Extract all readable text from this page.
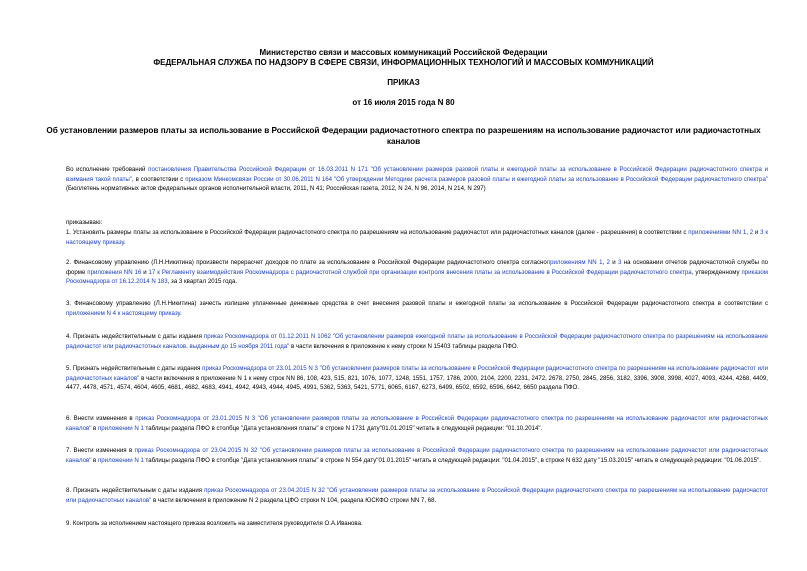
Министерство связи и массовых коммуникаций Российской Федерации
ФЕДЕРАЛЬНАЯ СЛУЖБА ПО НАДЗОРУ В СФЕРЕ СВЯЗИ, ИНФОРМАЦИОННЫХ ТЕХНОЛОГИЙ И МАССОВЫХ КОММУНИКАЦИЙ
ПРИКАЗ
от 16 июля 2015 года N 80
Об установлении размеров платы за использование в Российской Федерации радиочастотного спектра по разрешениям на использование радиочастот или радиочастотных каналов
Во исполнение требований постановления Правительства Российской Федерации от 16.03.2011 N 171 "Об установлении размеров разовой платы и ежегодной платы за использование в Российской Федерации радиочастотного спектра и взимания такой платы", в соответствии с приказом Минкомсвязи России от 30.06.2011 N 164 "Об утверждении Методики расчета размеров разовой платы и ежегодной платы за использование в Российской Федерации радиочастотного спектра" (Бюллетень нормативных актов федеральных органов исполнительной власти, 2011, N 41; Российская газета, 2012, N 24, N 96, 2014, N 214, N 297)
приказываю:
1. Установить размеры платы за использование в Российской Федерации радиочастотного спектра по разрешениям на использование радиочастот или радиочастотных каналов (далее - разрешения) в соответствии с приложениями NN 1, 2 и 3 к настоящему приказу.
2. Финансовому управлению (Л.Н.Никитина) произвести перерасчет доходов по плате за использование в Российской Федерации радиочастотного спектра согласноприложениям NN 1, 2 и 3 на основании отчетов радиочастотной службы по форме приложения NN 16 и 17 к Регламенту взаимодействия Роскомнадзора с радиочастотной службой при организации контроля внесения платы за использование в Российской Федерации радиочастотного спектра, утвержденному приказом Роскомнадзора от 16.12.2014 N 183, за 3 квартал 2015 года.
3. Финансовому управлению (Л.Н.Никитина) зачесть излишне уплаченные денежные средства в счет внесения разовой платы и ежегодной платы за использование в Российской Федерации радиочастотного спектра в соответствии с приложением N 4 к настоящему приказу.
4. Признать недействительным с даты издания приказ Роскомнадзора от 01.12.2011 N 1062 "Об установлении размеров ежегодной платы за использование в Российской Федерации радиочастотного спектра по разрешениям на использование радиочастот или радиочастотных каналов, выданным до 15 ноября 2011 года" в части включения в приложение к нему строки N 15403 таблицы раздела ПФО.
5. Признать недействительным с даты издания приказ Роскомнадзора от 23.01.2015 N 3 "Об установлении размеров платы за использование в Российской Федерации радиочастотного спектра по разрешениям на использование радиочастот или радиочастотных каналов" в части включения в приложение N 1 к нему строк NN 86, 108, 423, 515, 821, 1076, 1077, 1248, 1551, 1757, 1786, 2000, 2104, 2200, 2231, 2472, 2678, 2750, 2845, 2856, 3182, 3396, 3908, 3998, 4027, 4093, 4244, 4268, 4409, 4477, 4478, 4571, 4574, 4604, 4605, 4681, 4682, 4683, 4941, 4942, 4943, 4944, 4945, 4991, 5362, 5363, 5421, 5771, 6065, 6167, 6273, 6499, 6502, 6592, 6596, 6642, 6650 раздела ПФО.
6. Внести изменения в приказ Роскомнадзора от 23.01.2015 N 3 "Об установлении размеров платы за использование в Российской Федерации радиочастотного спектра по разрешениям на использование радиочастот или радиочастотных каналов" в приложении N 1 таблицы раздела ПФО в столбце "Дата установления платы" в строке N 1731 дату"01.01.2015" читать в следующей редакции: "01.10.2014".
7. Внести изменения в приказ Роскомнадзора от 23.04.2015 N 32 "Об установлении размеров платы за использование в Российской Федерации радиочастотного спектра по разрешениям на использование радиочастот или радиочастотных каналов" в приложении N 1 таблицы раздела ПФО в столбце "Дата установления платы" в строке N 554 дату"01.01.2015" читать в следующей редакции: "01.04.2015", в строке N 632 дату "15.03.2015" читать в следующей редакции: "01.06.2015".
8. Признать недействительным с даты издания приказ Роскомнадзора от 23.04.2015 N 32 "Об установлении размеров платы за использование в Российской Федерации радиочастотного спектра по разрешениям на использование радиочастот или радиочастотных каналов" в части включения в приложение N 2 раздела ЦФО строки N 104, раздела ЮСКФО строки NN 7, 68.
9. Контроль за исполнением настоящего приказа возложить на заместителя руководителя О.А.Иванова.
